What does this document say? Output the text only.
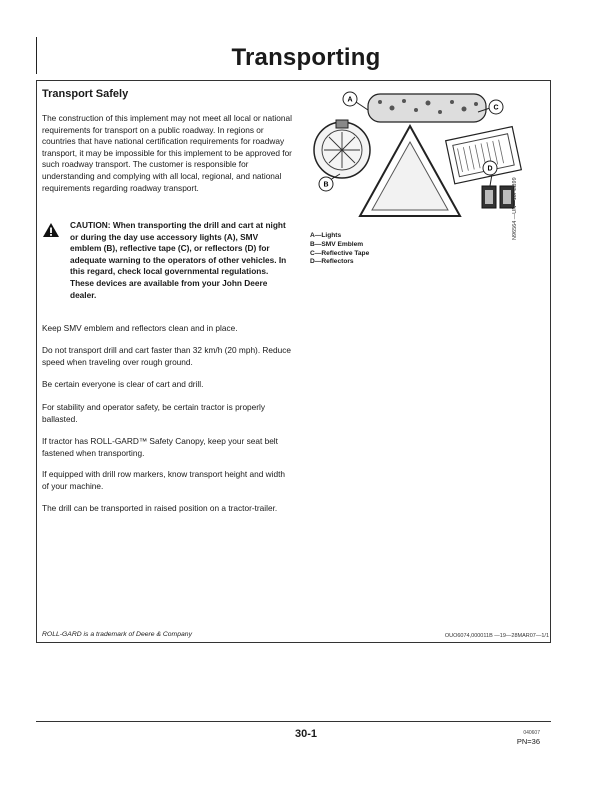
Transporting
Transport Safely
The construction of this implement may not meet all local or national requirements for transport on a public roadway. In regions or countries that have national certification requirements for roadway transport, it may be impossible for this implement to be approved for such roadway transport. The customer is responsible for understanding and complying with all local, regional, and national requirements regarding roadway transport.
CAUTION: When transporting the drill and cart at night or during the day use accessory lights (A), SMV emblem (B), reflective tape (C), or reflectors (D) for adequate warning to the operators of other vehicles. In this regard, check local governmental regulations. These devices are available from your John Deere dealer.
Keep SMV emblem and reflectors clean and in place.
Do not transport drill and cart faster than 32 km/h (20 mph). Reduce speed when traveling over rough ground.
Be certain everyone is clear of cart and drill.
For stability and operator safety, be certain tractor is properly ballasted.
If tractor has ROLL-GARD™ Safety Canopy, keep your seat belt fastened when transporting.
If equipped with drill row markers, know transport height and width of your machine.
The drill can be transported in raised position on a tractor-trailer.
A
C
B
D
N96564 —UN—10FEB99
A—Lights
B—SMV Emblem
C—Reflective Tape
D—Reflectors
ROLL-GARD is a trademark of Deere & Company	OUO6074,000011B —19—28MAR07—1/1
30-1	040607
PN=36
